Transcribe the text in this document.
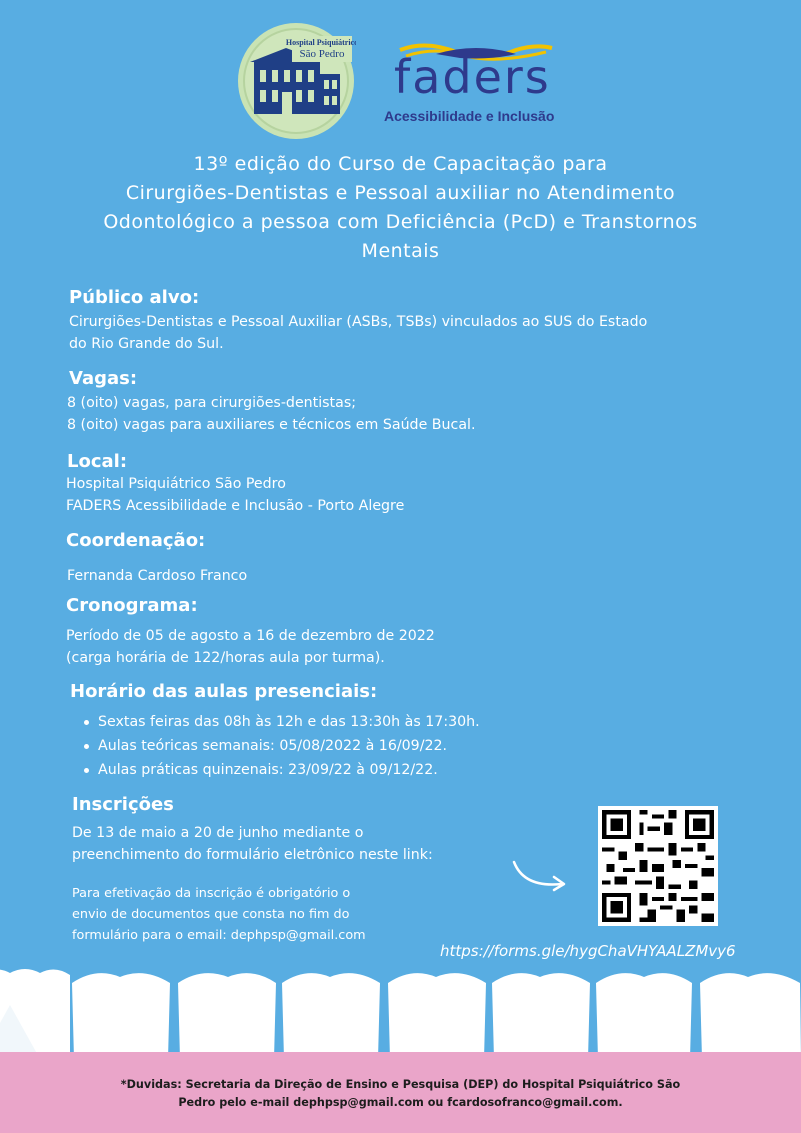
Hospital Psiquiátrico
São Pedro faders
Acessibilidade e Inclusão
13º edição do Curso de Capacitação para
Cirurgiões-Dentistas e Pessoal auxiliar no Atendimento
Odontológico a pessoa com Deficiência (PcD) e Transtornos
Mentais
Público alvo:
Cirurgiões-Dentistas e Pessoal Auxiliar (ASBs, TSBs) vinculados ao SUS do Estado
do Rio Grande do Sul.
Vagas:
8 (oito) vagas, para cirurgiões-dentistas;
8 (oito) vagas para auxiliares e técnicos em Saúde Bucal.
Local:
Hospital Psiquiátrico São Pedro
FADERS Acessibilidade e Inclusão - Porto Alegre
Coordenação:
Fernanda Cardoso Franco
Cronograma:
Período de 05 de agosto a 16 de dezembro de 2022
(carga horária de 122/horas aula por turma).
Horário das aulas presenciais:
Sextas feiras das 08h às 12h e das 13:30h às 17:30h.
Aulas teóricas semanais: 05/08/2022 à 16/09/22.
Aulas práticas quinzenais: 23/09/22 à 09/12/22.
Inscrições
De 13 de maio a 20 de junho mediante o
preenchimento do formulário eletrônico neste link:
Para efetivação da inscrição é obrigatório o
envio de documentos que consta no fim do
formulário para o email: dephpsp@gmail.com
https://forms.gle/hygChaVHYAALZMvy6
*Duvidas: Secretaria da Direção de Ensino e Pesquisa (DEP) do Hospital Psiquiátrico São
Pedro pelo e-mail dephpsp@gmail.com ou fcardosofranco@gmail.com.
